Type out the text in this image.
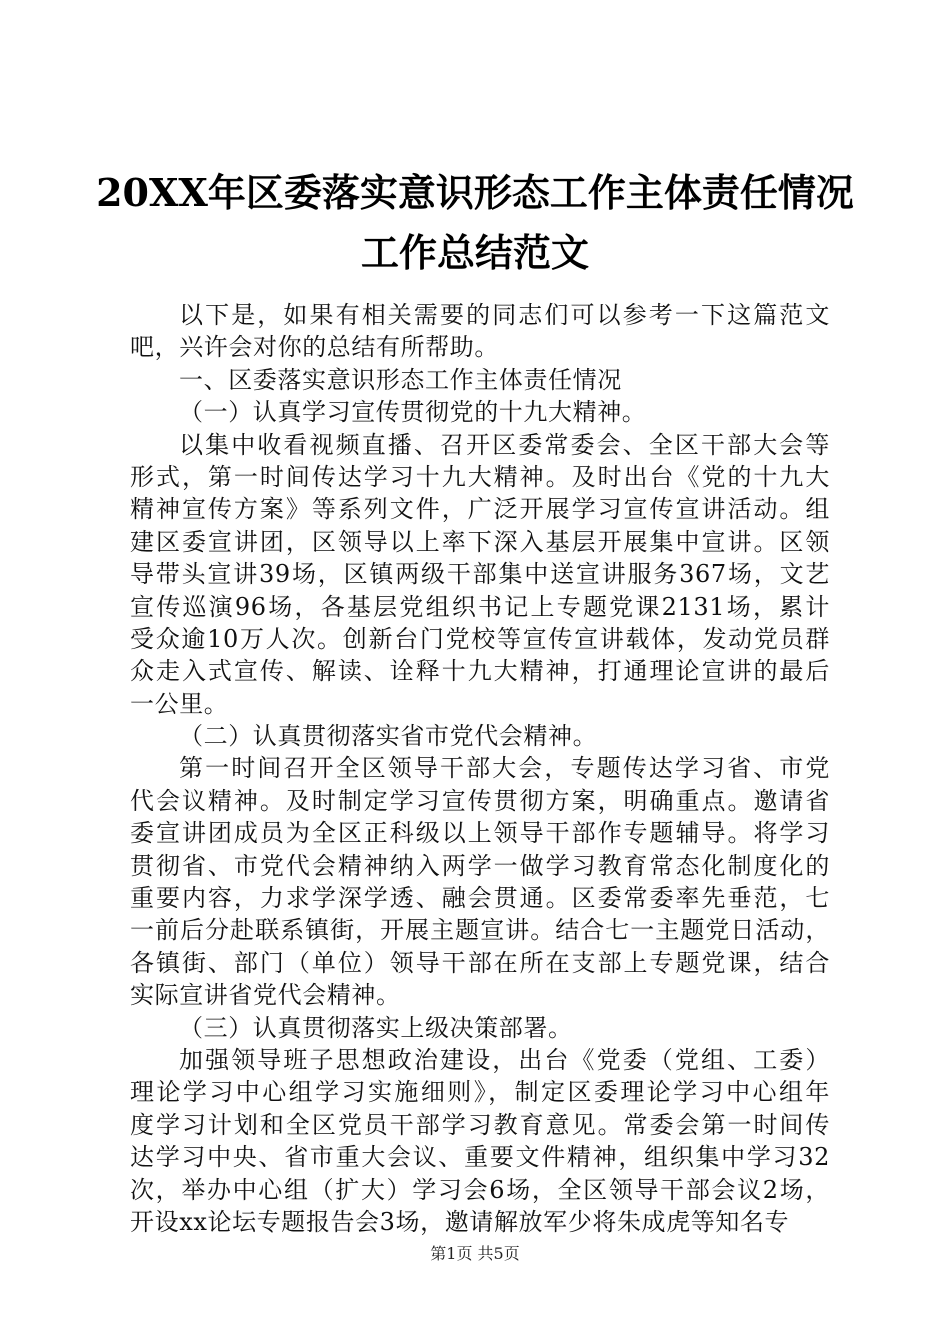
20XX年区委落实意识形态工作主体责任情况
工作总结范文
以下是，如果有相关需要的同志们可以参考一下这篇范文
吧，兴许会对你的总结有所帮助。
一、区委落实意识形态工作主体责任情况
（一）认真学习宣传贯彻党的十九大精神。
以集中收看视频直播、召开区委常委会、全区干部大会等
形式，第一时间传达学习十九大精神。及时出台《党的十九大
精神宣传方案》等系列文件，广泛开展学习宣传宣讲活动。组
建区委宣讲团，区领导以上率下深入基层开展集中宣讲。区领
导带头宣讲39场，区镇两级干部集中送宣讲服务367场，文艺
宣传巡演96场，各基层党组织书记上专题党课2131场，累计
受众逾10万人次。创新台门党校等宣传宣讲载体，发动党员群
众走入式宣传、解读、诠释十九大精神，打通理论宣讲的最后
一公里。
（二）认真贯彻落实省市党代会精神。
第一时间召开全区领导干部大会，专题传达学习省、市党
代会议精神。及时制定学习宣传贯彻方案，明确重点。邀请省
委宣讲团成员为全区正科级以上领导干部作专题辅导。将学习
贯彻省、市党代会精神纳入两学一做学习教育常态化制度化的
重要内容，力求学深学透、融会贯通。区委常委率先垂范，七
一前后分赴联系镇街，开展主题宣讲。结合七一主题党日活动，
各镇街、部门（单位）领导干部在所在支部上专题党课，结合
实际宣讲省党代会精神。
（三）认真贯彻落实上级决策部署。
加强领导班子思想政治建设，出台《党委（党组、工委）
理论学习中心组学习实施细则》，制定区委理论学习中心组年
度学习计划和全区党员干部学习教育意见。常委会第一时间传
达学习中央、省市重大会议、重要文件精神，组织集中学习32
次，举办中心组（扩大）学习会6场，全区领导干部会议2场，
开设xx论坛专题报告会3场，邀请解放军少将朱成虎等知名专
第1页 共5页
